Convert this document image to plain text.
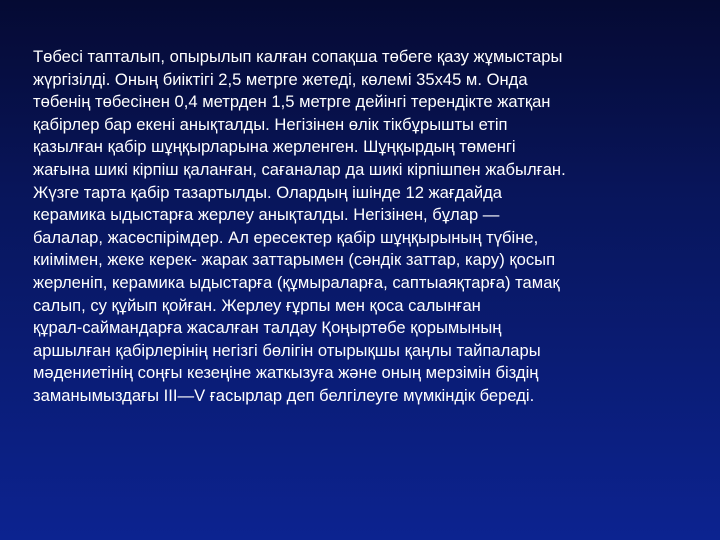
Төбесі тапталып, опырылып калған сопақша төбеге қазу жұмыстары
жүргізілді. Оның биіктігі 2,5 метрге жетеді, көлемі 35х45 м. Онда
төбенің төбесінен 0,4 метрден 1,5 метрге дейінгі терендікте жатқан
қабірлер бар екені анықталды. Негізінен өлік тікбұрышты етіп
қазылған қабір шұңқырларына жерленген. Шұңқырдың төменгі
жағына шикі кірпіш қаланған, сағаналар да шикі кірпішпен жабылған.
Жүзге тарта қабір тазартылды. Олардың ішінде 12 жағдайда
керамика ыдыстарға жерлеу анықталды. Негізінен, бұлар —
балалар, жасөспірімдер. Ал ересектер қабір шұңқырының түбіне,
киімімен, жеке керек- жарак заттарымен (сәндік заттар, кару) қосып
жерленіп, керамика ыдыстарға (құмыраларға, саптыаяқтарға) тамақ
салып, су құйып қойған. Жерлеу ғұрпы мен қоса салынған
құрал-саймандарға жасалған талдау Қоңыртөбе қорымының
аршылған қабірлерінің негізгі бөлігін отырықшы қаңлы тайпалары
мәдениетінің соңғы кезеңіне жаткызуға және оның мерзімін біздің
заманымыздағы III—V ғасырлар деп белгілеуге мүмкіндік береді.
